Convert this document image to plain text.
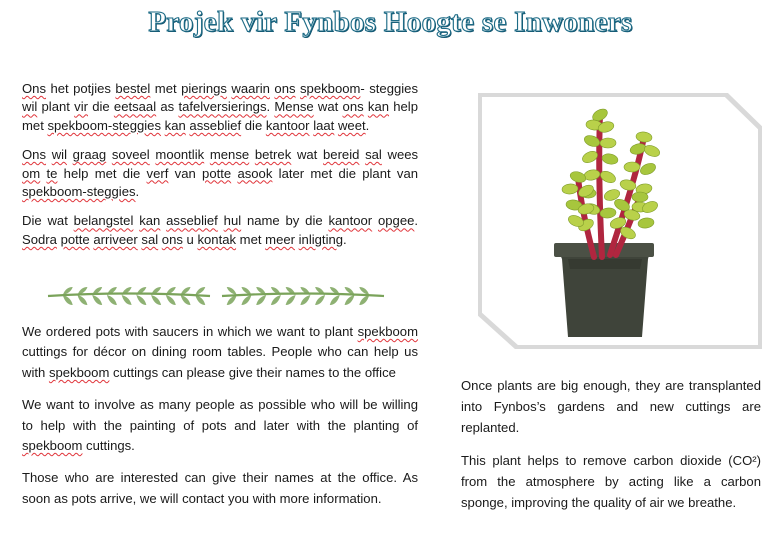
Projek vir Fynbos Hoogte se Inwoners

Ons het potjies bestel met pierings waarin ons spekboom- steggies wil plant vir die eetsaal as tafelversierings. Mense wat ons kan help met spekboom-steggies kan asseblief die kantoor laat weet.

Ons wil graag soveel moontlik mense betrek wat bereid sal wees om te help met die verf van potte asook later met die plant van spekboom-steggies.

Die wat belangstel kan asseblief hul name by die kantoor opgee. Sodra potte arriveer sal ons u kontak met meer inligting.

We ordered pots with saucers in which we want to plant spekboom cuttings for décor on dining room tables. People who can help us with spekboom cuttings can please give their names to the office

We want to involve as many people as possible who will be willing to help with the painting of pots and later with the planting of spekboom cuttings.

Those who are interested can give their names at the office. As soon as pots arrive, we will contact you with more information.

Once plants are big enough, they are transplanted into Fynbos’s gardens and new cuttings are replanted.

This plant helps to remove carbon dioxide (CO²) from the atmosphere by acting like a carbon sponge, improving the quality of air we breathe.
